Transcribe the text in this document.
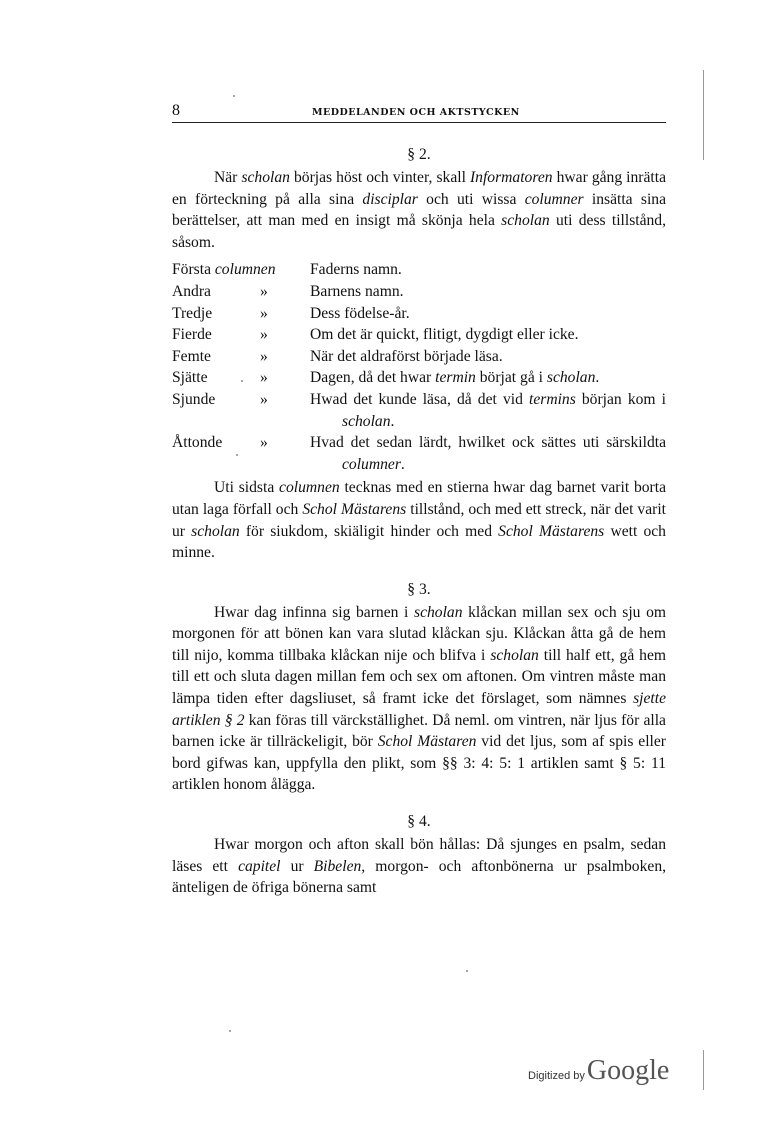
8	MEDDELANDEN OCH AKTSTYCKEN
§ 2.

När scholan börjas höst och vinter, skall Informatoren hwar gång inrätta en förteckning på alla sina disciplar och uti wissa columner insätta sina berättelser, att man med en insigt må skönja hela scholan uti dess tillstånd, såsom.

Första columnen	Faderns namn.
Andra	»	Barnens namn.
Tredje	»	Dess födelse-år.
Fierde	»	Om det är quickt, flitigt, dygdigt eller icke.
Femte	»	När det aldraförst började läsa.
Sjätte	»	Dagen, då det hwar termin börjat gå i scholan.
Sjunde	»	Hwad det kunde läsa, då det vid termins början kom i scholan.
Åttonde	»	Hvad det sedan lärdt, hwilket ock sättes uti särskildta columner.

Uti sidsta columnen tecknas med en stierna hwar dag barnet varit borta utan laga förfall och Schol Mästarens tillstånd, och med ett streck, när det varit ur scholan för siukdom, skiäligit hinder och med Schol Mästarens wett och minne.

§ 3.

Hwar dag infinna sig barnen i scholan klåckan millan sex och sju om morgonen för att bönen kan vara slutad klåckan sju. Klåckan åtta gå de hem till nijo, komma tillbaka klåckan nije och blifva i scholan till half ett, gå hem till ett och sluta dagen millan fem och sex om aftonen. Om vintren måste man lämpa tiden efter dagsliuset, så framt icke det förslaget, som nämnes sjette artiklen § 2 kan föras till värckställighet. Då neml. om vintren, när ljus för alla barnen icke är tillräckeligit, bör Schol Mästaren vid det ljus, som af spis eller bord gifwas kan, uppfylla den plikt, som §§ 3: 4: 5: 1 artiklen samt § 5: 11 artiklen honom ålägga.

§ 4.

Hwar morgon och afton skall bön hållas: Då sjunges en psalm, sedan läses ett capitel ur Bibelen, morgon- och aftonbönerna ur psalmboken, änteligen de öfriga bönerna samt

Digitized by Google
